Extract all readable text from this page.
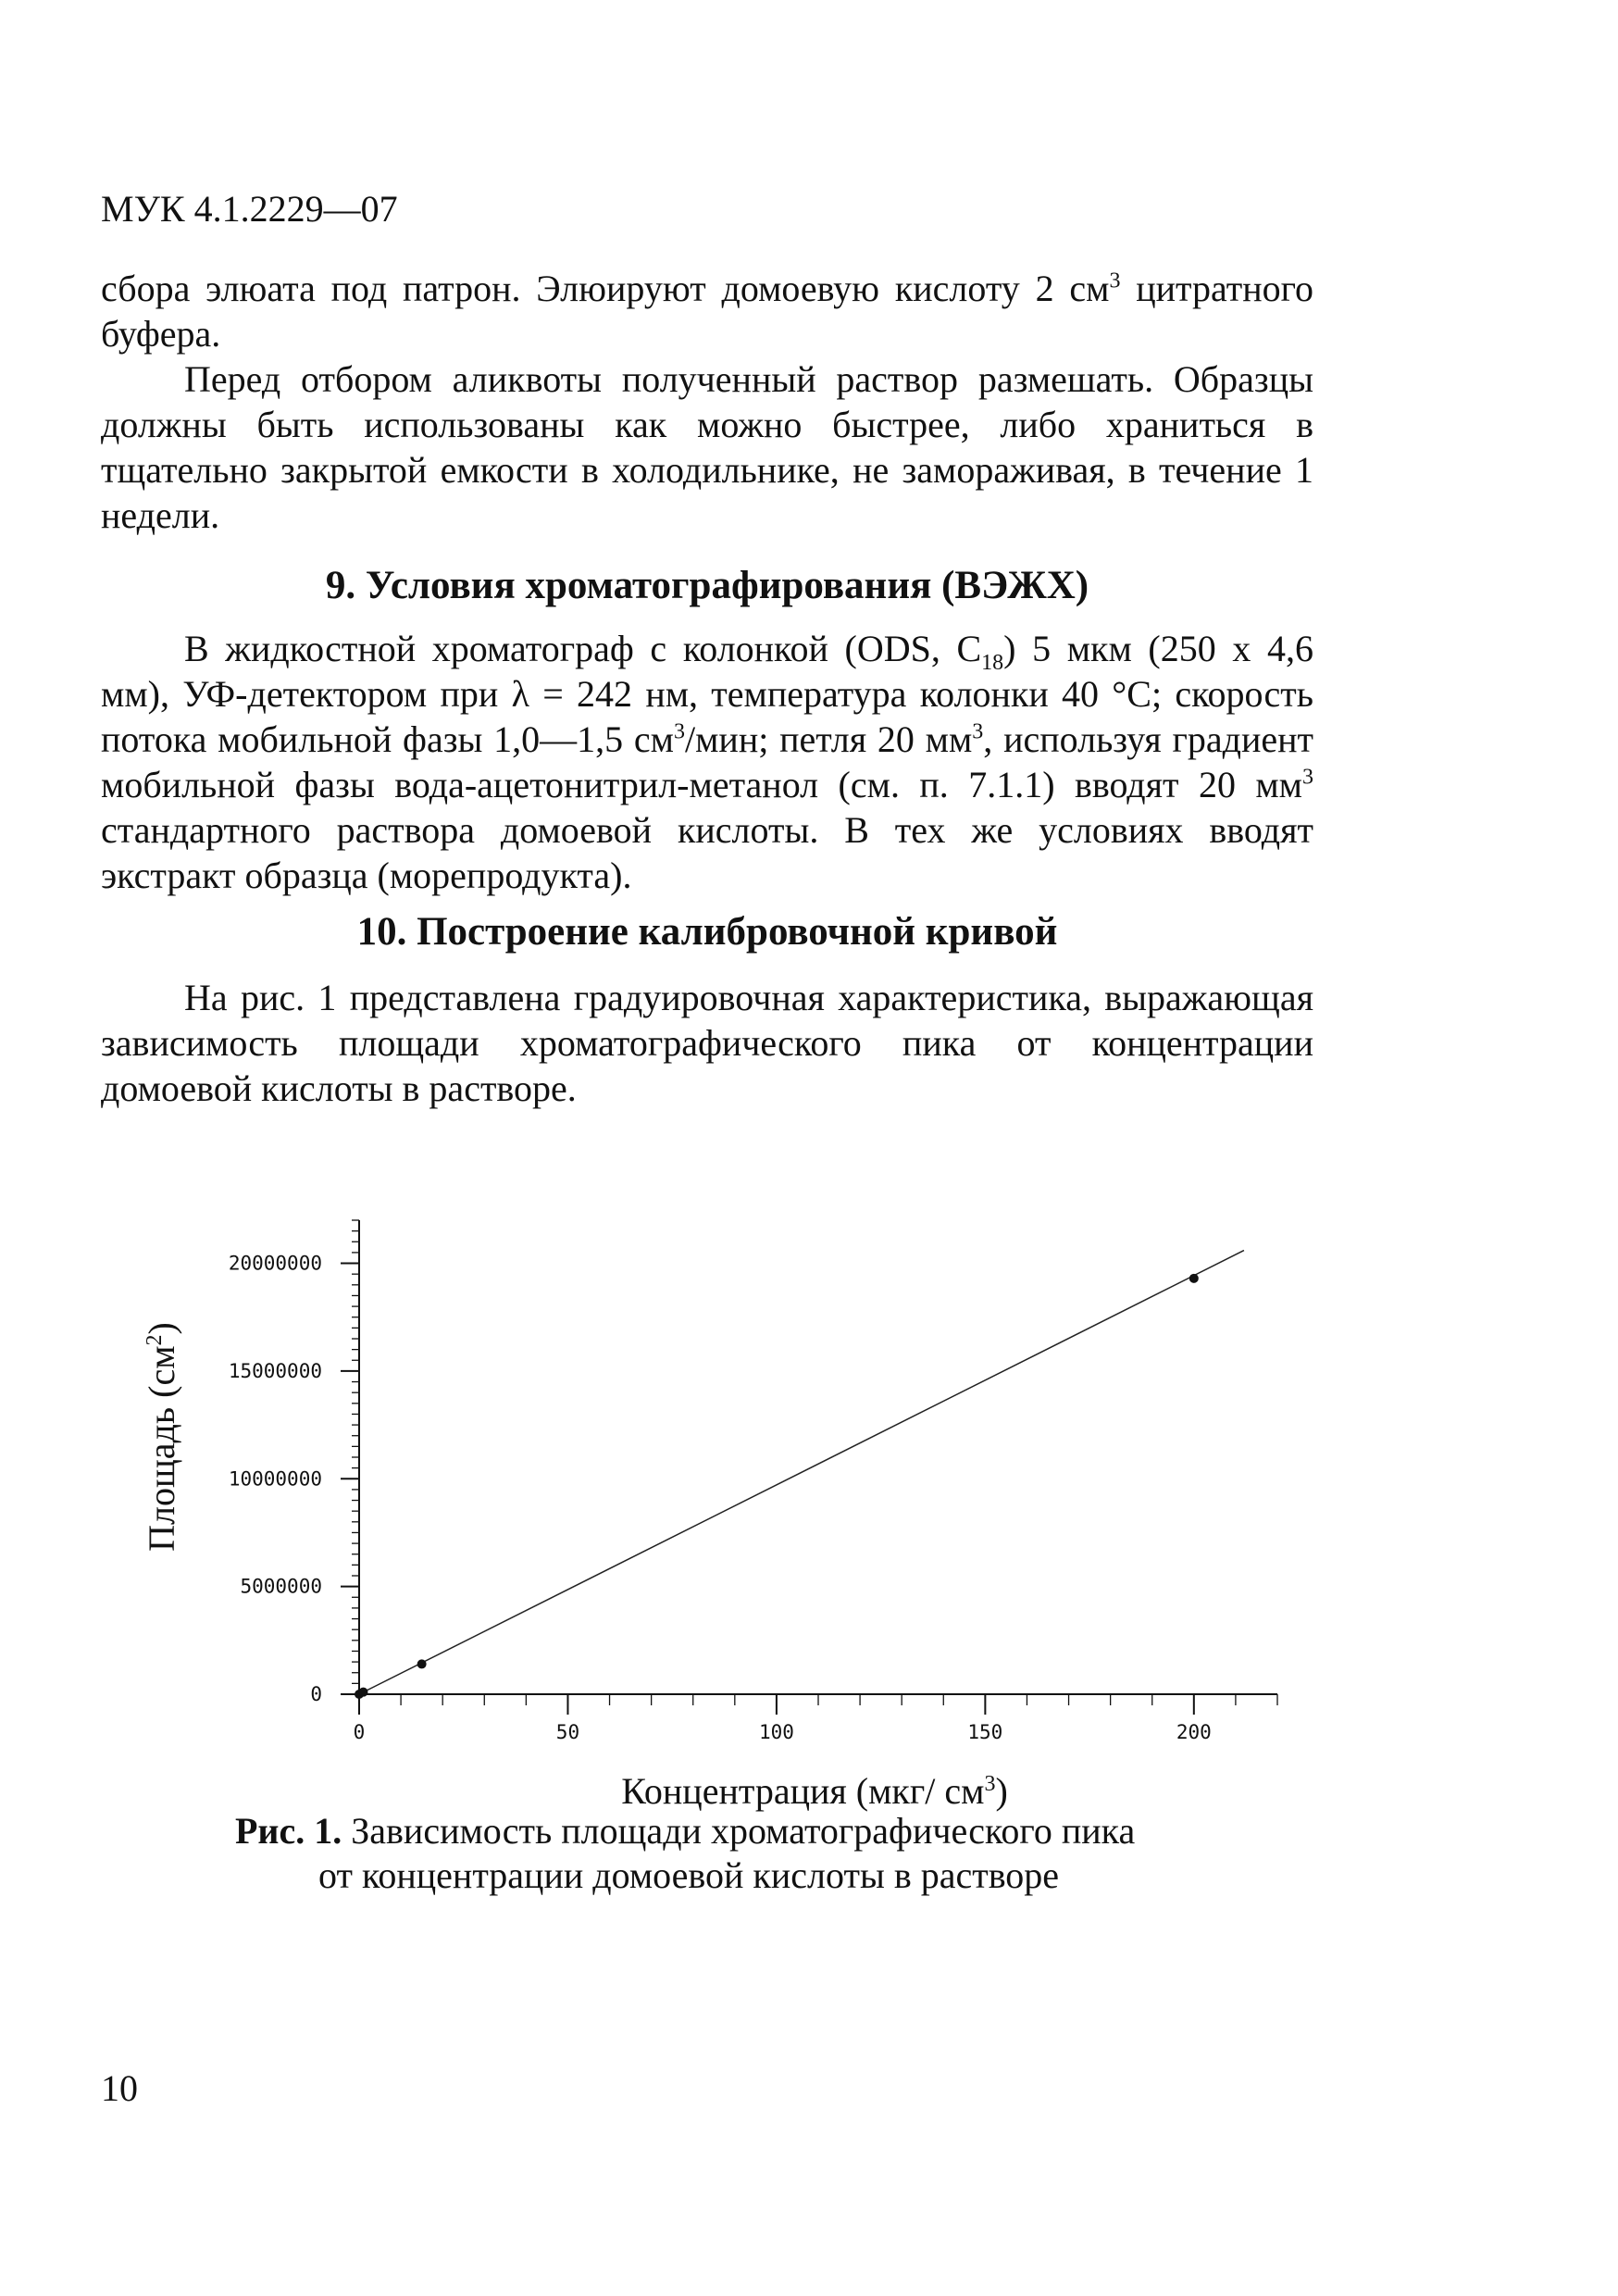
МУК 4.1.2229—07

сбора элюата под патрон. Элюируют домоевую кислоту 2 $см^3$ цитратного буфера.

Перед отбором аликвоты полученный раствор размешать. Образцы должны быть использованы как можно быстрее, либо храниться в тщательно закрытой емкости в холодильнике, не замораживая, в течение 1 недели.

9. Условия хроматографирования (ВЭЖХ)

В жидкостной хроматограф с колонкой (ODS, $C_{18}$) 5 мкм (250 х 4,6 мм), УФ-детектором при λ = 242 нм, температура колонки 40 °С; скорость потока мобильной фазы 1,0—1,5 $см^3$/мин; петля 20 $мм^3$, используя градиент мобильной фазы вода-ацетонитрил-метанол (см. п. 7.1.1) вводят 20 $мм^3$ стандартного раствора домоевой кислоты. В тех же условиях вводят экстракт образца (морепродукта).

10. Построение калибровочной кривой

На рис. 1 представлена градуировочная характеристика, выражающая зависимость площади хроматографического пика от концентрации домоевой кислоты в растворе.

0
5000000
10000000
15000000
20000000
0	50	100	150	200
Концентрация (мкг/ $см^3$)
Площадь $(см^2)$
Рис. 1. Зависимость площади хроматографического пика
от концентрации домоевой кислоты в растворе
10
